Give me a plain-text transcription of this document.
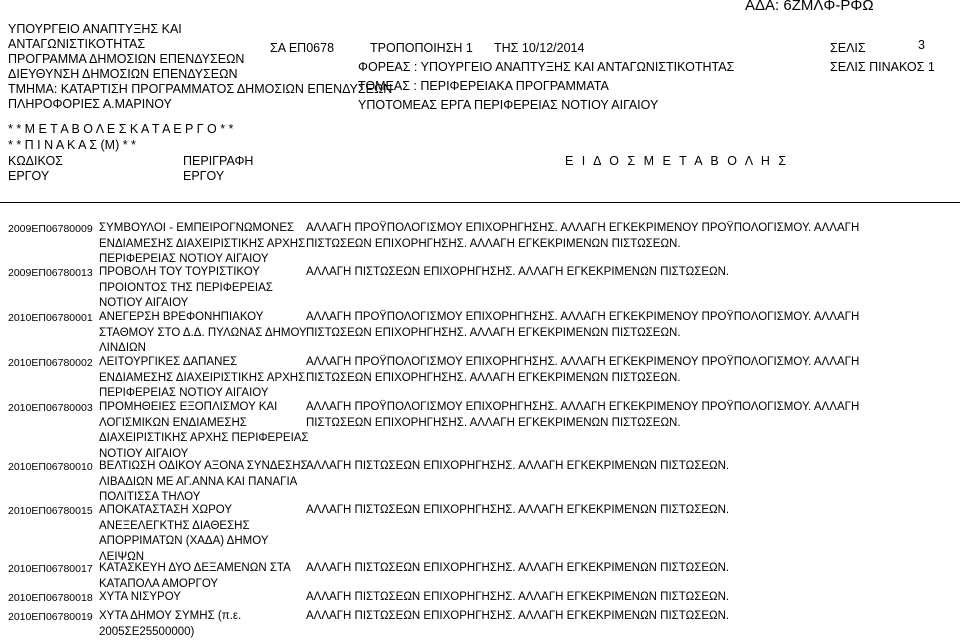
ΑΔΑ: 6ΖΜΛΦ-ΡΦΩ
ΥΠΟΥΡΓΕΙΟ ΑΝΑΠΤΥΞΗΣ ΚΑΙ
ΑΝΤΑΓΩΝΙΣΤΙΚΟΤΗΤΑΣ
ΠΡΟΓΡΑΜΜΑ ΔΗΜΟΣΙΩΝ ΕΠΕΝΔΥΣΕΩΝ
ΔΙΕΥΘΥΝΣΗ ΔΗΜΟΣΙΩΝ ΕΠΕΝΔΥΣΕΩΝ
ΤΜΗΜΑ: ΚΑΤΑΡΤΙΣΗ ΠΡΟΓΡΑΜΜΑΤΟΣ ΔΗΜΟΣΙΩΝ ΕΠΕΝΔΥΣΕΩΝ
ΠΛΗΡΟΦΟΡΙΕΣ Α.ΜΑΡΙΝΟΥ
ΣΑ ΕΠ0678	ΤΡΟΠΟΠΟΙΗΣΗ 1 ΤΗΣ 10/12/2014
ΦΟΡΕΑΣ : ΥΠΟΥΡΓΕΙΟ ΑΝΑΠΤΥΞΗΣ ΚΑΙ ΑΝΤΑΓΩΝΙΣΤΙΚΟΤΗΤΑΣ
ΤΟΜΕΑΣ : ΠΕΡΙΦΕΡΕΙΑΚΑ ΠΡΟΓΡΑΜΜΑΤΑ
ΥΠΟΤΟΜΕΑΣ ΕΡΓΑ ΠΕΡΙΦΕΡΕΙΑΣ ΝΟΤΙΟΥ ΑΙΓΑΙΟΥ
ΣΕΛΙΣ	3
ΣΕΛΙΣ ΠΙΝΑΚΟΣ 1
* * Μ Ε Τ Α Β Ο Λ Ε Σ Κ Α Τ Α Ε Ρ Γ Ο * *
* * Π Ι Ν Α Κ Α Σ (Μ) * *
ΚΩΔΙΚΟΣ
ΕΡΓΟΥ
ΠΕΡΙΓΡΑΦΗ
ΕΡΓΟΥ
Ε Ι Δ Ο Σ Μ Ε Τ Α Β Ο Λ Η Σ
2009ΕΠ06780009 ΣΥΜΒΟΥΛΟΙ - ΕΜΠΕΙΡΟΓΝΩΜΟΝΕΣ ΕΝΔΙΑΜΕΣΗΣ ΔΙΑΧΕΙΡΙΣΤΙΚΗΣ ΑΡΧΗΣ ΠΕΡΙΦΕΡΕΙΑΣ ΝΟΤΙΟΥ ΑΙΓΑΙΟΥ
ΑΛΛΑΓΗ ΠΡΟΫΠΟΛΟΓΙΣΜΟΥ ΕΠΙΧΟΡΗΓΗΣΗΣ. ΑΛΛΑΓΗ ΕΓΚΕΚΡΙΜΕΝΟΥ ΠΡΟΫΠΟΛΟΓΙΣΜΟΥ. ΑΛΛΑΓΗ ΠΙΣΤΩΣΕΩΝ ΕΠΙΧΟΡΗΓΗΣΗΣ. ΑΛΛΑΓΗ ΕΓΚΕΚΡΙΜΕΝΩΝ ΠΙΣΤΩΣΕΩΝ.
2009ΕΠ06780013 ΠΡΟΒΟΛΗ ΤΟΥ ΤΟΥΡΙΣΤΙΚΟΥ ΠΡΟΙΟΝΤΟΣ ΤΗΣ ΠΕΡΙΦΕΡΕΙΑΣ ΝΟΤΙΟΥ ΑΙΓΑΙΟΥ
ΑΛΛΑΓΗ ΠΙΣΤΩΣΕΩΝ ΕΠΙΧΟΡΗΓΗΣΗΣ. ΑΛΛΑΓΗ ΕΓΚΕΚΡΙΜΕΝΩΝ ΠΙΣΤΩΣΕΩΝ.
2010ΕΠ06780001 ΑΝΕΓΕΡΣΗ ΒΡΕΦΟΝΗΠΙΑΚΟΥ ΣΤΑΘΜΟΥ ΣΤΟ Δ.Δ. ΠΥΛΩΝΑΣ ΔΗΜΟΥ ΛΙΝΔΙΩΝ
ΑΛΛΑΓΗ ΠΡΟΫΠΟΛΟΓΙΣΜΟΥ ΕΠΙΧΟΡΗΓΗΣΗΣ. ΑΛΛΑΓΗ ΕΓΚΕΚΡΙΜΕΝΟΥ ΠΡΟΫΠΟΛΟΓΙΣΜΟΥ. ΑΛΛΑΓΗ ΠΙΣΤΩΣΕΩΝ ΕΠΙΧΟΡΗΓΗΣΗΣ. ΑΛΛΑΓΗ ΕΓΚΕΚΡΙΜΕΝΩΝ ΠΙΣΤΩΣΕΩΝ.
2010ΕΠ06780002 ΛΕΙΤΟΥΡΓΙΚΕΣ ΔΑΠΑΝΕΣ ΕΝΔΙΑΜΕΣΗΣ ΔΙΑΧΕΙΡΙΣΤΙΚΗΣ ΑΡΧΗΣ ΠΕΡΙΦΕΡΕΙΑΣ ΝΟΤΙΟΥ ΑΙΓΑΙΟΥ
ΑΛΛΑΓΗ ΠΡΟΫΠΟΛΟΓΙΣΜΟΥ ΕΠΙΧΟΡΗΓΗΣΗΣ. ΑΛΛΑΓΗ ΕΓΚΕΚΡΙΜΕΝΟΥ ΠΡΟΫΠΟΛΟΓΙΣΜΟΥ. ΑΛΛΑΓΗ ΠΙΣΤΩΣΕΩΝ ΕΠΙΧΟΡΗΓΗΣΗΣ. ΑΛΛΑΓΗ ΕΓΚΕΚΡΙΜΕΝΩΝ ΠΙΣΤΩΣΕΩΝ.
2010ΕΠ06780003 ΠΡΟΜΗΘΕΙΕΣ ΕΞΟΠΛΙΣΜΟΥ ΚΑΙ ΛΟΓΙΣΜΙΚΩΝ ΕΝΔΙΑΜΕΣΗΣ ΔΙΑΧΕΙΡΙΣΤΙΚΗΣ ΑΡΧΗΣ ΠΕΡΙΦΕΡΕΙΑΣ ΝΟΤΙΟΥ ΑΙΓΑΙΟΥ
ΑΛΛΑΓΗ ΠΡΟΫΠΟΛΟΓΙΣΜΟΥ ΕΠΙΧΟΡΗΓΗΣΗΣ. ΑΛΛΑΓΗ ΕΓΚΕΚΡΙΜΕΝΟΥ ΠΡΟΫΠΟΛΟΓΙΣΜΟΥ. ΑΛΛΑΓΗ ΠΙΣΤΩΣΕΩΝ ΕΠΙΧΟΡΗΓΗΣΗΣ. ΑΛΛΑΓΗ ΕΓΚΕΚΡΙΜΕΝΩΝ ΠΙΣΤΩΣΕΩΝ.
2010ΕΠ06780010 ΒΕΛΤΙΩΣΗ ΟΔΙΚΟΥ ΑΞΟΝΑ ΣΥΝΔΕΣΗΣ ΛΙΒΑΔΙΩΝ ΜΕ ΑΓ.ΑΝΝΑ ΚΑΙ ΠΑΝΑΓΙΑ ΠΟΛΙΤΙΣΣΑ ΤΗΛΟΥ
ΑΛΛΑΓΗ ΠΙΣΤΩΣΕΩΝ ΕΠΙΧΟΡΗΓΗΣΗΣ. ΑΛΛΑΓΗ ΕΓΚΕΚΡΙΜΕΝΩΝ ΠΙΣΤΩΣΕΩΝ.
2010ΕΠ06780015 ΑΠΟΚΑΤΑΣΤΑΣΗ ΧΩΡΟΥ ΑΝΕΞΕΛΕΓΚΤΗΣ ΔΙΑΘΕΣΗΣ ΑΠΟΡΡΙΜΑΤΩΝ (ΧΑΔΑ) ΔΗΜΟΥ ΛΕΙΨΩΝ
ΑΛΛΑΓΗ ΠΙΣΤΩΣΕΩΝ ΕΠΙΧΟΡΗΓΗΣΗΣ. ΑΛΛΑΓΗ ΕΓΚΕΚΡΙΜΕΝΩΝ ΠΙΣΤΩΣΕΩΝ.
2010ΕΠ06780017 ΚΑΤΑΣΚΕΥΗ ΔΥΟ ΔΕΞΑΜΕΝΩΝ ΣΤΑ ΚΑΤΑΠΟΛΑ ΑΜΟΡΓΟΥ
ΑΛΛΑΓΗ ΠΙΣΤΩΣΕΩΝ ΕΠΙΧΟΡΗΓΗΣΗΣ. ΑΛΛΑΓΗ ΕΓΚΕΚΡΙΜΕΝΩΝ ΠΙΣΤΩΣΕΩΝ.
2010ΕΠ06780018 ΧΥΤΑ ΝΙΣΥΡΟΥ	ΑΛΛΑΓΗ ΠΙΣΤΩΣΕΩΝ ΕΠΙΧΟΡΗΓΗΣΗΣ. ΑΛΛΑΓΗ ΕΓΚΕΚΡΙΜΕΝΩΝ ΠΙΣΤΩΣΕΩΝ.
2010ΕΠ06780019 ΧΥΤΑ ΔΗΜΟΥ ΣΥΜΗΣ (π.ε. 2005ΣΕ25500000)
ΑΛΛΑΓΗ ΠΙΣΤΩΣΕΩΝ ΕΠΙΧΟΡΗΓΗΣΗΣ. ΑΛΛΑΓΗ ΕΓΚΕΚΡΙΜΕΝΩΝ ΠΙΣΤΩΣΕΩΝ.
